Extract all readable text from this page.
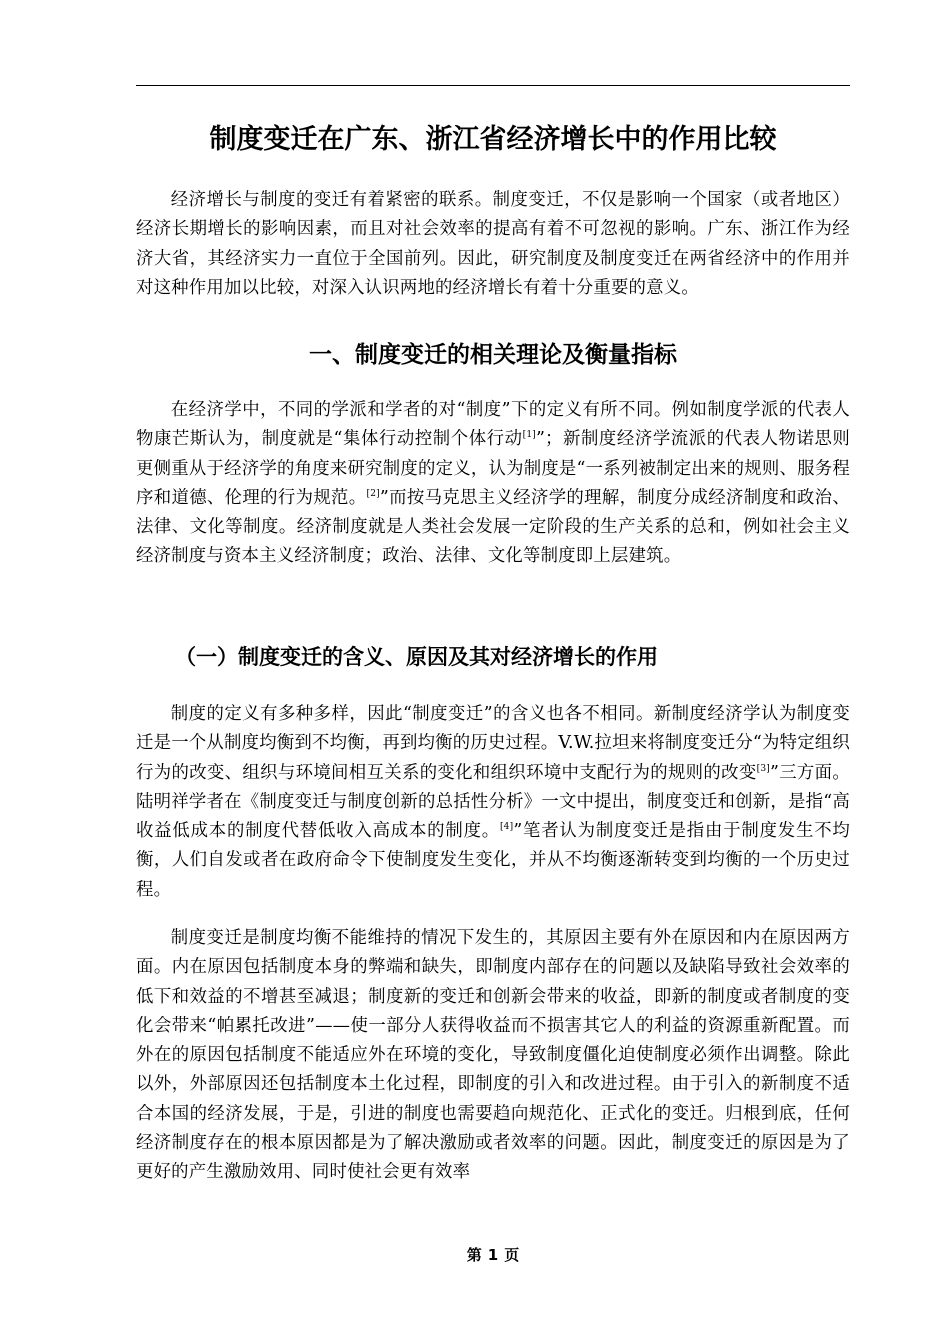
制度变迁在广东、浙江省经济增长中的作用比较

经济增长与制度的变迁有着紧密的联系。制度变迁，不仅是影响一个国家（或者地区）经济长期增长的影响因素，而且对社会效率的提高有着不可忽视的影响。广东、浙江作为经济大省，其经济实力一直位于全国前列。因此，研究制度及制度变迁在两省经济中的作用并对这种作用加以比较，对深入认识两地的经济增长有着十分重要的意义。

一、制度变迁的相关理论及衡量指标

在经济学中，不同的学派和学者的对“制度”下的定义有所不同。例如制度学派的代表人物康芒斯认为，制度就是“集体行动控制个体行动[1]”；新制度经济学流派的代表人物诺思则更侧重从于经济学的角度来研究制度的定义，认为制度是“一系列被制定出来的规则、服务程序和道德、伦理的行为规范。[2]”而按马克思主义经济学的理解，制度分成经济制度和政治、法律、文化等制度。经济制度就是人类社会发展一定阶段的生产关系的总和，例如社会主义经济制度与资本主义经济制度；政治、法律、文化等制度即上层建筑。

（一）制度变迁的含义、原因及其对经济增长的作用

制度的定义有多种多样，因此“制度变迁”的含义也各不相同。新制度经济学认为制度变迁是一个从制度均衡到不均衡，再到均衡的历史过程。V.W.拉坦来将制度变迁分“为特定组织行为的改变、组织与环境间相互关系的变化和组织环境中支配行为的规则的改变[3]”三方面。陆明祥学者在《制度变迁与制度创新的总括性分析》一文中提出，制度变迁和创新，是指“高收益低成本的制度代替低收入高成本的制度。[4]”笔者认为制度变迁是指由于制度发生不均衡，人们自发或者在政府命令下使制度发生变化，并从不均衡逐渐转变到均衡的一个历史过程。

制度变迁是制度均衡不能维持的情况下发生的，其原因主要有外在原因和内在原因两方面。内在原因包括制度本身的弊端和缺失，即制度内部存在的问题以及缺陷导致社会效率的低下和效益的不增甚至减退；制度新的变迁和创新会带来的收益，即新的制度或者制度的变化会带来“帕累托改进”——使一部分人获得收益而不损害其它人的利益的资源重新配置。而外在的原因包括制度不能适应外在环境的变化，导致制度僵化迫使制度必须作出调整。除此以外，外部原因还包括制度本土化过程，即制度的引入和改进过程。由于引入的新制度不适合本国的经济发展，于是，引进的制度也需要趋向规范化、正式化的变迁。归根到底，任何经济制度存在的根本原因都是为了解决激励或者效率的问题。因此，制度变迁的原因是为了更好的产生激励效用、同时使社会更有效率

第 1 页
